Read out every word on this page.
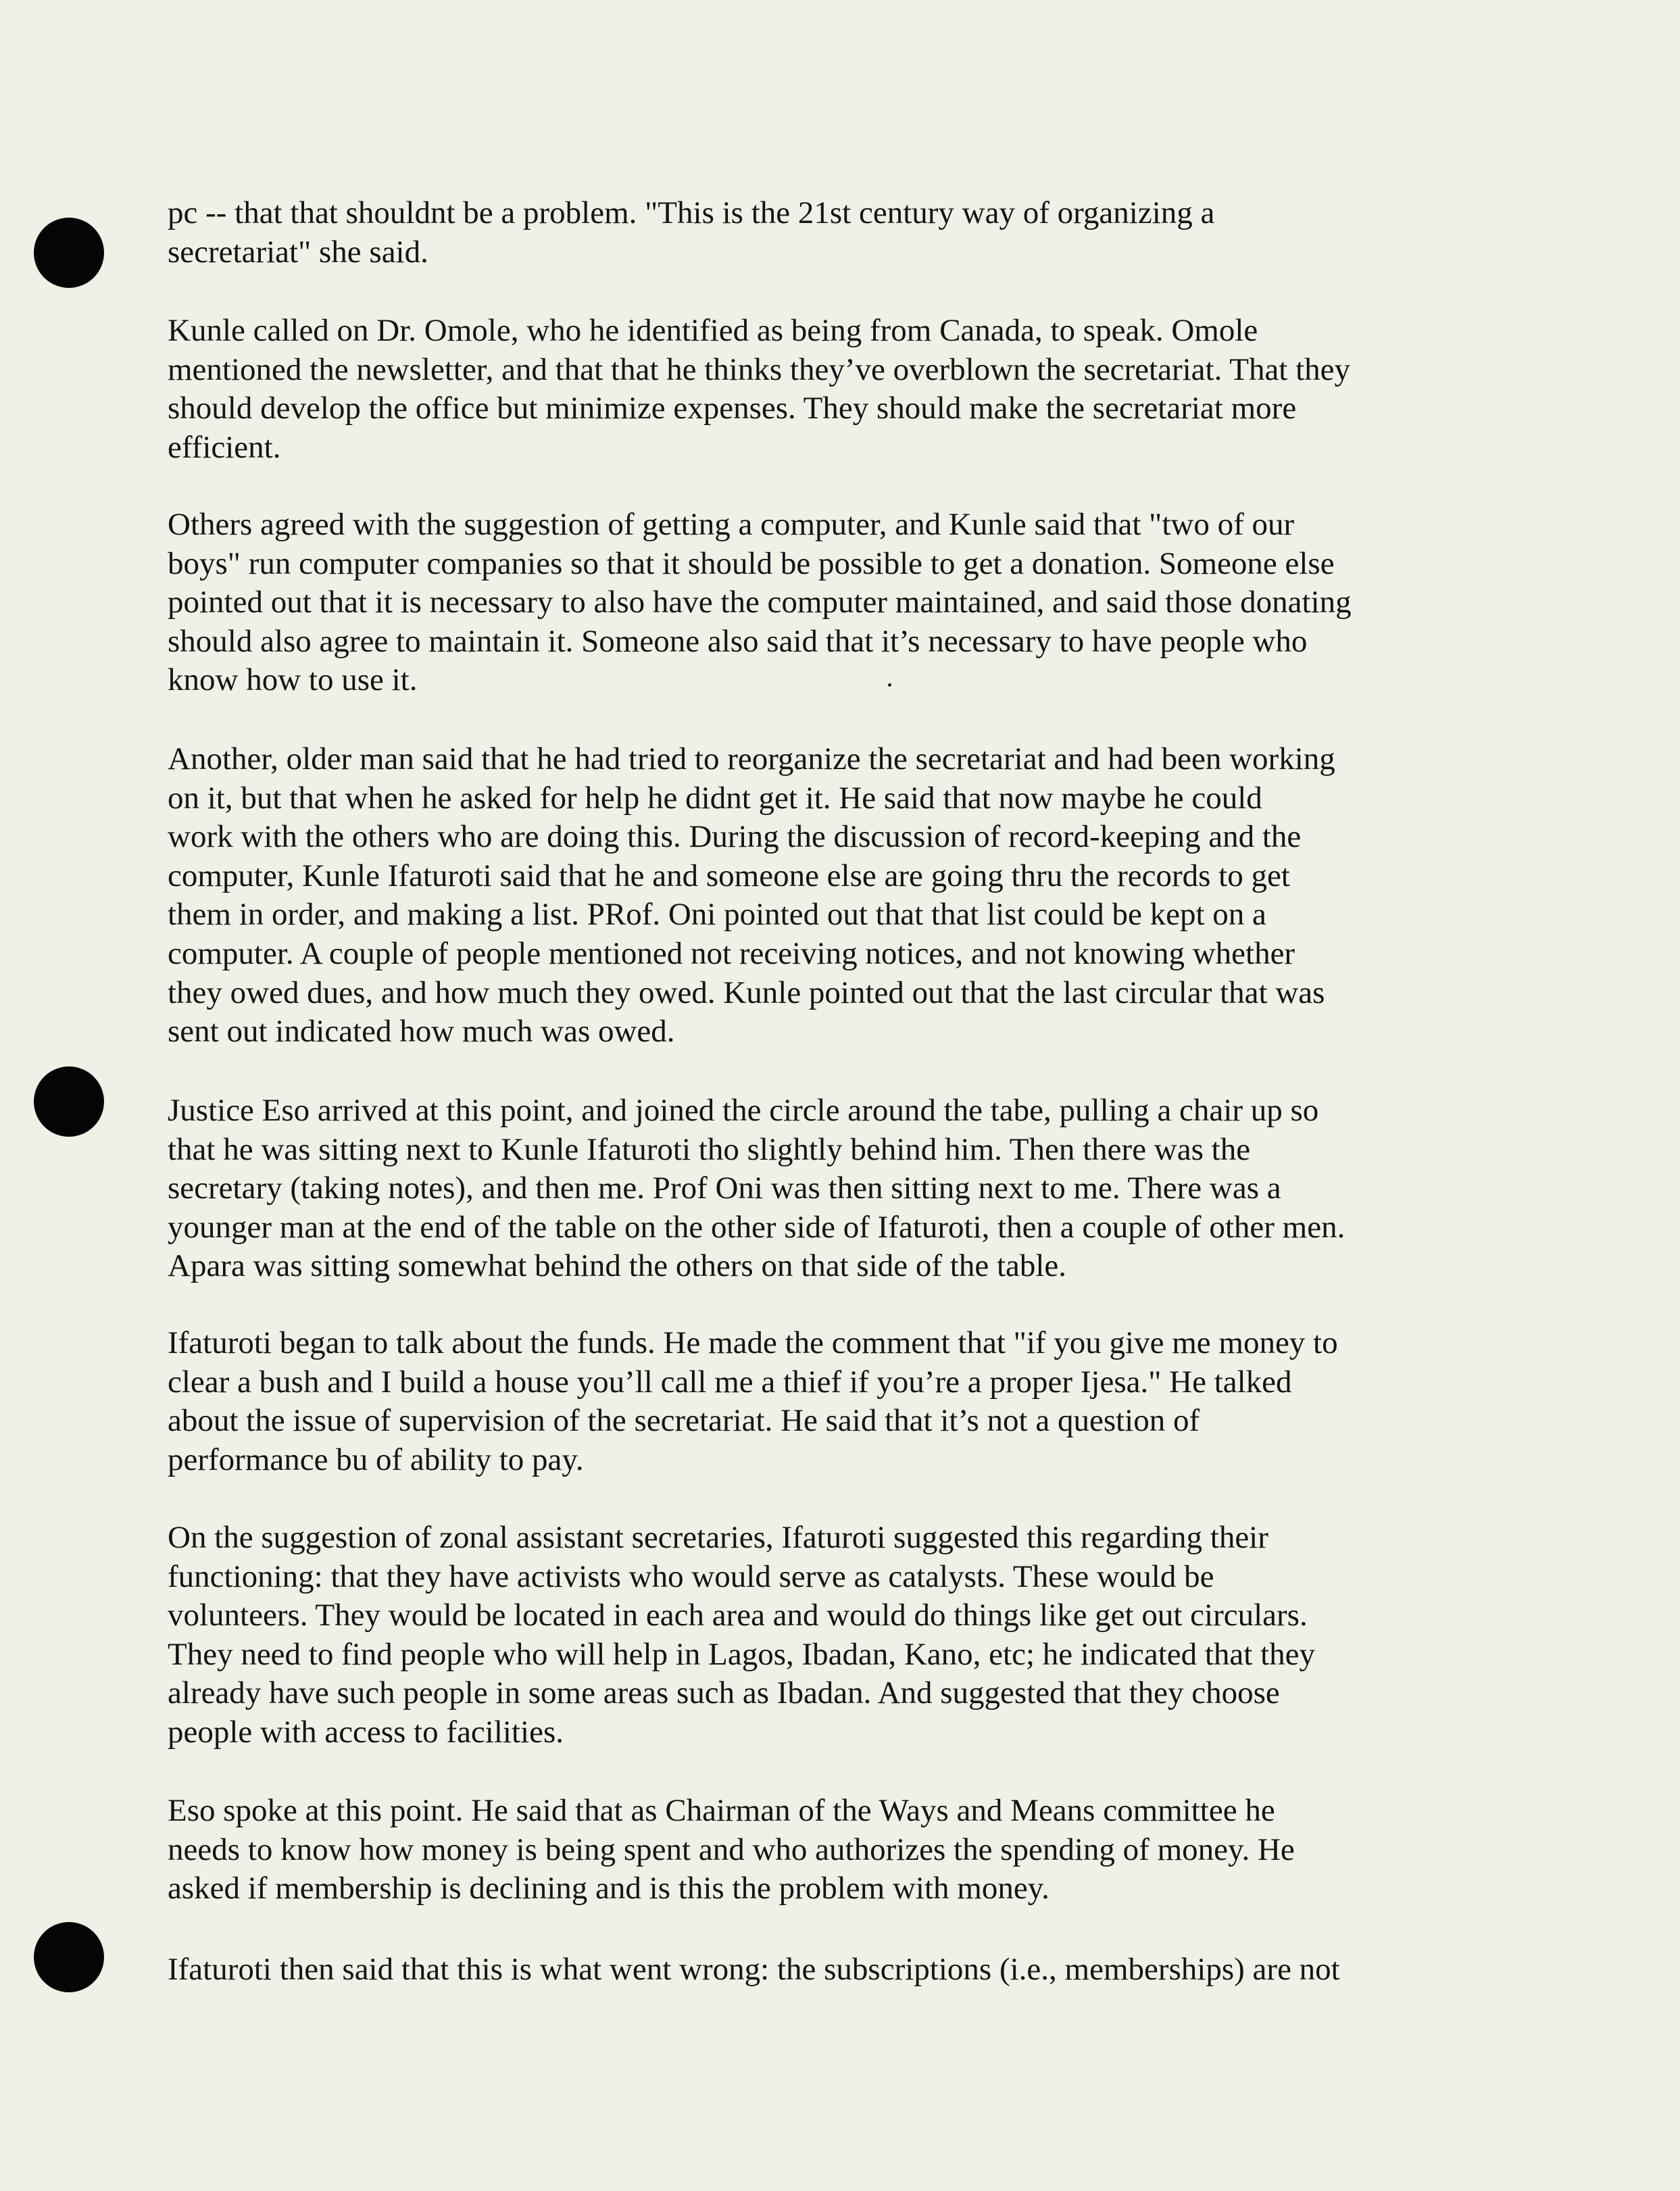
pc -- that that shouldnt be a problem. "This is the 21st century way of organizing a
secretariat" she said.

Kunle called on Dr. Omole, who he identified as being from Canada, to speak. Omole
mentioned the newsletter, and that that he thinks they’ve overblown the secretariat. That they
should develop the office but minimize expenses. They should make the secretariat more
efficient.

Others agreed with the suggestion of getting a computer, and Kunle said that "two of our
boys" run computer companies so that it should be possible to get a donation. Someone else
pointed out that it is necessary to also have the computer maintained, and said those donating
should also agree to maintain it. Someone also said that it’s necessary to have people who
know how to use it.

Another, older man said that he had tried to reorganize the secretariat and had been working
on it, but that when he asked for help he didnt get it. He said that now maybe he could
work with the others who are doing this. During the discussion of record-keeping and the
computer, Kunle Ifaturoti said that he and someone else are going thru the records to get
them in order, and making a list. PRof. Oni pointed out that that list could be kept on a
computer. A couple of people mentioned not receiving notices, and not knowing whether
they owed dues, and how much they owed. Kunle pointed out that the last circular that was
sent out indicated how much was owed.

Justice Eso arrived at this point, and joined the circle around the tabe, pulling a chair up so
that he was sitting next to Kunle Ifaturoti tho slightly behind him. Then there was the
secretary (taking notes), and then me. Prof Oni was then sitting next to me. There was a
younger man at the end of the table on the other side of Ifaturoti, then a couple of other men.
Apara was sitting somewhat behind the others on that side of the table.

Ifaturoti began to talk about the funds. He made the comment that "if you give me money to
clear a bush and I build a house you’ll call me a thief if you’re a proper Ijesa." He talked
about the issue of supervision of the secretariat. He said that it’s not a question of
performance bu of ability to pay.

On the suggestion of zonal assistant secretaries, Ifaturoti suggested this regarding their
functioning: that they have activists who would serve as catalysts. These would be
volunteers. They would be located in each area and would do things like get out circulars.
They need to find people who will help in Lagos, Ibadan, Kano, etc; he indicated that they
already have such people in some areas such as Ibadan. And suggested that they choose
people with access to facilities.

Eso spoke at this point. He said that as Chairman of the Ways and Means committee he
needs to know how money is being spent and who authorizes the spending of money. He
asked if membership is declining and is this the problem with money.

Ifaturoti then said that this is what went wrong: the subscriptions (i.e., memberships) are not
